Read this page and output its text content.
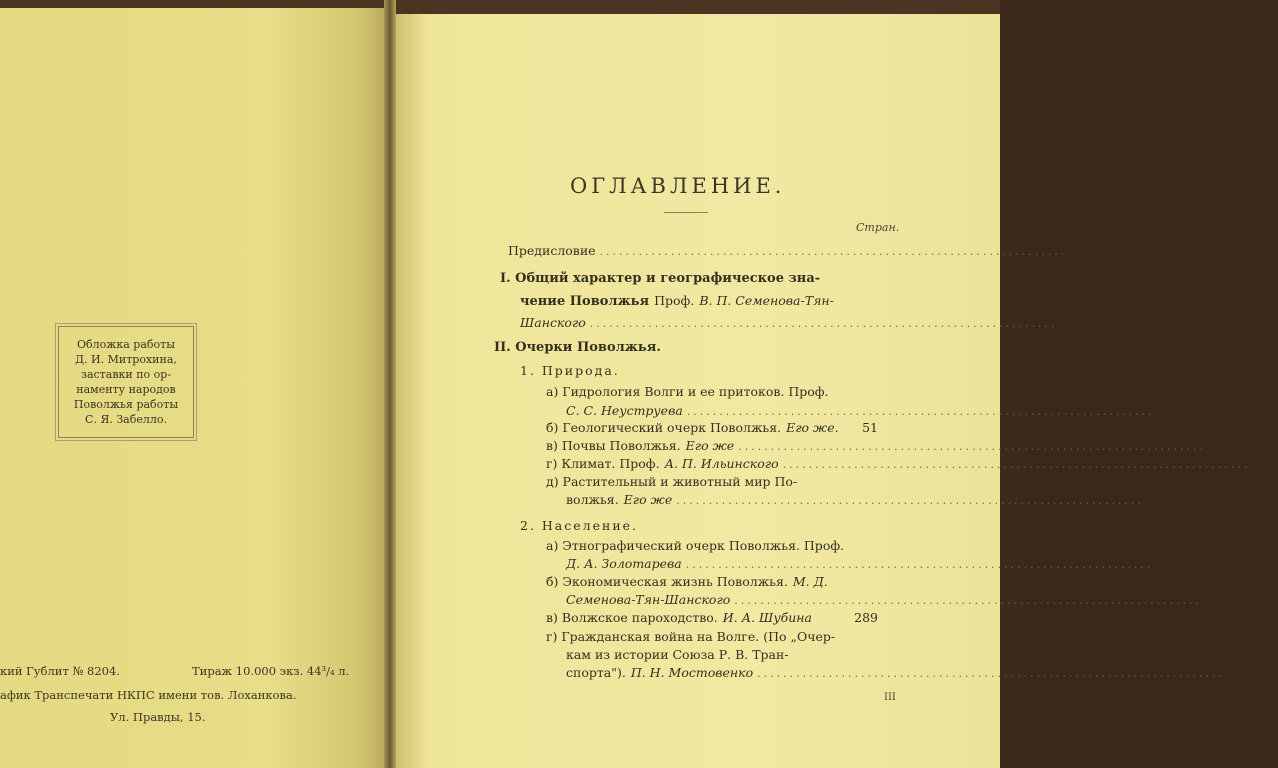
Обложка работы
Д. И. Митрохина,
заставки по ор-
наменту народов
Поволжья работы
С. Я. Забелло.
кий Гублит № 8204.	Тираж 10.000 экз. 44³/₄ л.
афик Транспечати НКПС имени тов. Лоханкова.
Ул. Правды, 15.
ОГЛАВЛЕНИЕ.
Стран.
Предисловие ........................................................................	IV
I. Общий характер и географическое зна-
чение Поволжья Проф. В. П. Семенова-Тян-
Шанского ........................................................................	3
II. Очерки Поволжья.
1. Природа.
а) Гидрология Волги и ее притоков. Проф.
С. С. Неуструева ........................................................................ 33
б) Геологический очерк Поволжья. Его же.	51
в) Почвы Поволжья. Его же ........................................................................ 71
г) Климат. Проф. А. П. Ильинского ........................................................................ 80
д) Растительный и животный мир По-
волжья. Его же ........................................................................ 88
2. Население.
а) Этнографический очерк Поволжья. Проф.
Д. А. Золотарева ........................................................................ 127
б) Экономическая жизнь Поволжья. М. Д.
Семенова-Тян-Шанского ........................................................................ 219
в) Волжское пароходство. И. А. Шубина	289
г) Гражданская война на Волге. (По „Очер-
кам из истории Союза Р. В. Тран-
спорта"). П. Н. Мостовенко ........................................................................ 319
III
